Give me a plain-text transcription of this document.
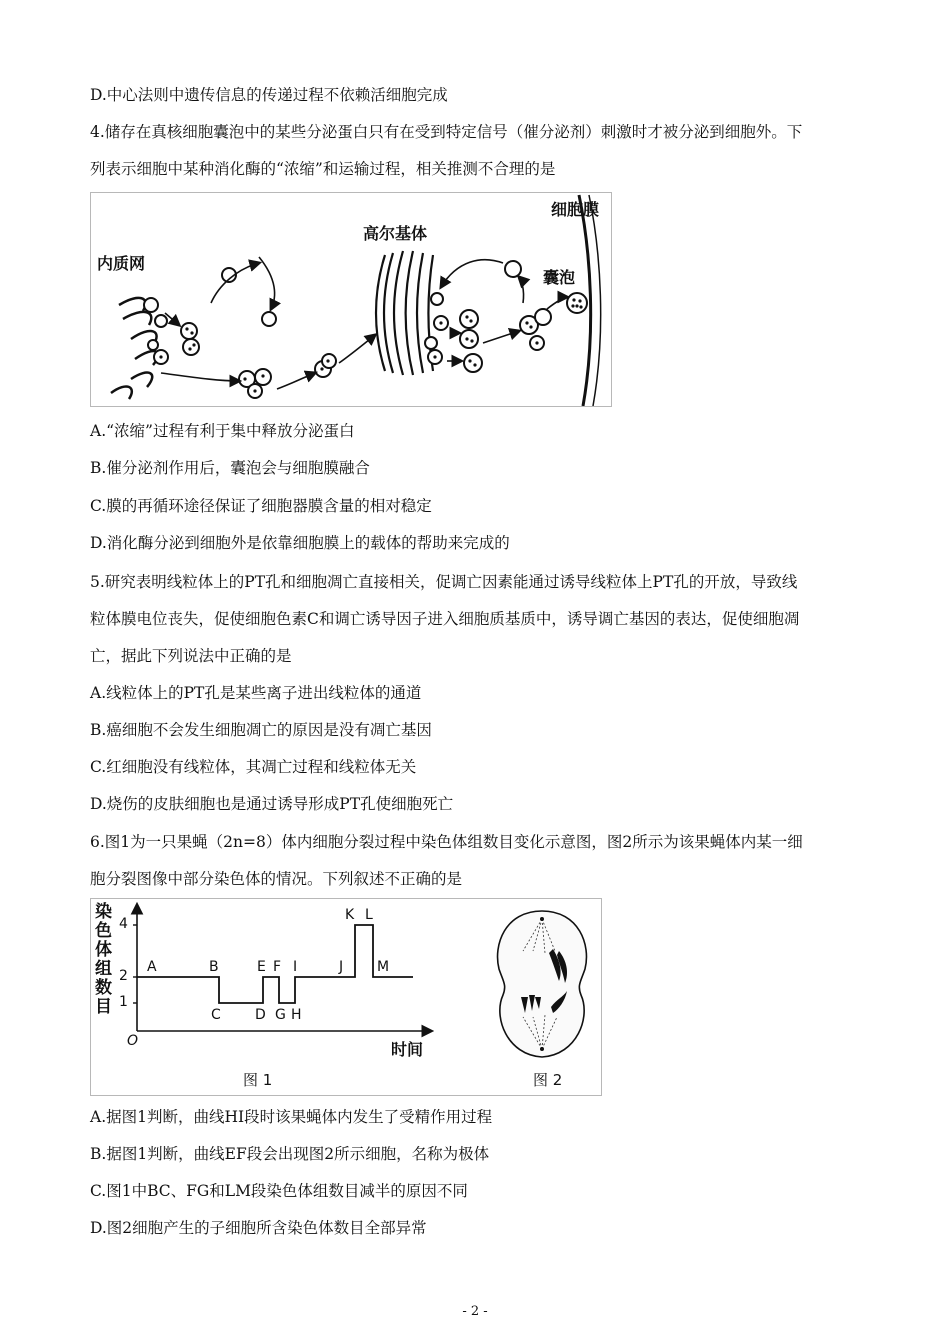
D.中心法则中遗传信息的传递过程不依赖活细胞完成
4.储存在真核细胞囊泡中的某些分泌蛋白只有在受到特定信号（催分泌剂）刺激时才被分泌到细胞外。下
列表示细胞中某种消化酶的“浓缩”和运输过程，相关推测不合理的是
内质网
高尔基体
细胞膜
囊泡
A.“浓缩”过程有利于集中释放分泌蛋白
B.催分泌剂作用后，囊泡会与细胞膜融合
C.膜的再循环途径保证了细胞器膜含量的相对稳定
D.消化酶分泌到细胞外是依靠细胞膜上的载体的帮助来完成的
5.研究表明线粒体上的PT孔和细胞凋亡直接相关，促调亡因素能通过诱导线粒体上PT孔的开放，导致线
粒体膜电位丧失，促使细胞色素C和调亡诱导因子进入细胞质基质中，诱导调亡基因的表达，促使细胞凋
亡，据此下列说法中正确的是
A.线粒体上的PT孔是某些离子进出线粒体的通道
B.癌细胞不会发生细胞凋亡的原因是没有凋亡基因
C.红细胞没有线粒体，其凋亡过程和线粒体无关
D.烧伤的皮肤细胞也是通过诱导形成PT孔使细胞死亡
6.图1为一只果蝇（2n=8）体内细胞分裂过程中染色体组数目变化示意图，图2所示为该果蝇体内某一细
胞分裂图像中部分染色体的情况。下列叙述不正确的是
染色体组数目
4
2
1
O	时间
A	B
C D
E F
G H
I	J
K L
M
图 1	图 2
A.据图1判断，曲线HI段时该果蝇体内发生了受精作用过程
B.据图1判断，曲线EF段会出现图2所示细胞，名称为极体
C.图1中BC、FG和LM段染色体组数目减半的原因不同
D.图2细胞产生的子细胞所含染色体数目全部异常
- 2 -
